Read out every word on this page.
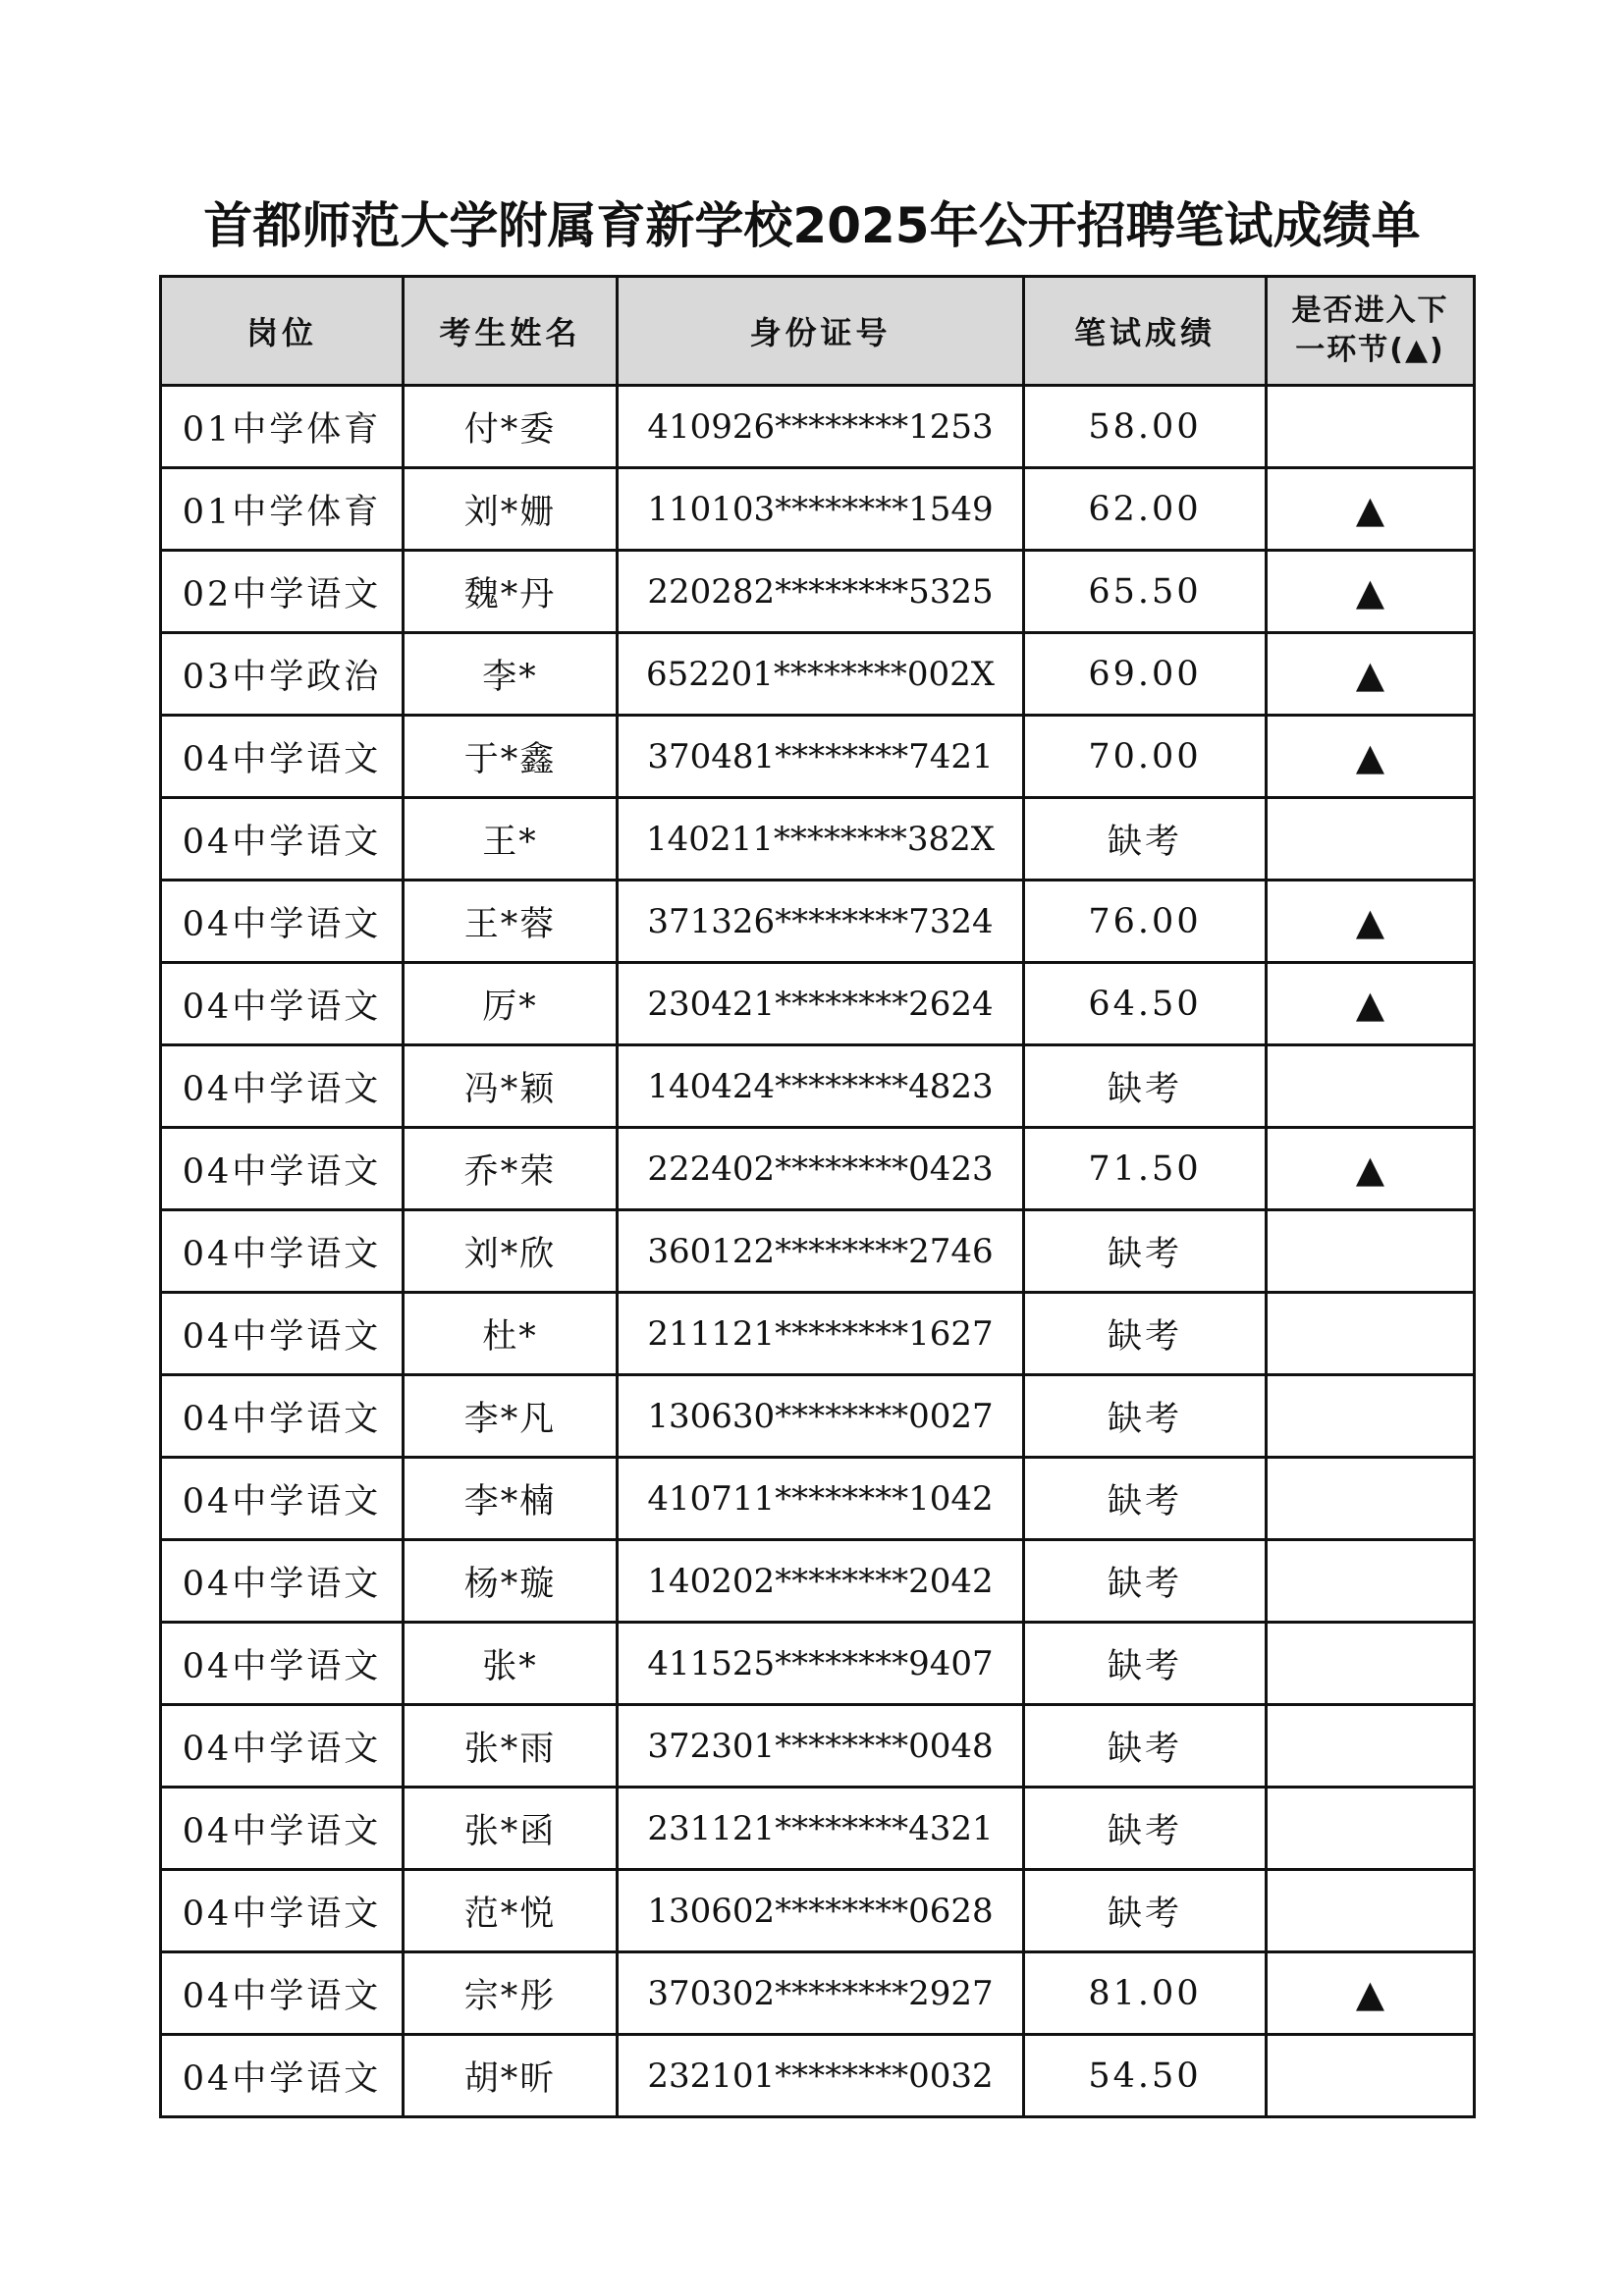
首都师范大学附属育新学校2025年公开招聘笔试成绩单
岗位	考生姓名	身份证号	笔试成绩	是否进入下
一环节(▲)
01中学体育	付*委	410926********1253	58.00	
01中学体育	刘*姗	110103********1549	62.00	▲
02中学语文	魏*丹	220282********5325	65.50	▲
03中学政治	李*	652201********002X	69.00	▲
04中学语文	于*鑫	370481********7421	70.00	▲
04中学语文	王*	140211********382X	缺考	
04中学语文	王*蓉	371326********7324	76.00	▲
04中学语文	厉*	230421********2624	64.50	▲
04中学语文	冯*颖	140424********4823	缺考	
04中学语文	乔*荣	222402********0423	71.50	▲
04中学语文	刘*欣	360122********2746	缺考	
04中学语文	杜*	211121********1627	缺考	
04中学语文	李*凡	130630********0027	缺考	
04中学语文	李*楠	410711********1042	缺考	
04中学语文	杨*璇	140202********2042	缺考	
04中学语文	张*	411525********9407	缺考	
04中学语文	张*雨	372301********0048	缺考	
04中学语文	张*函	231121********4321	缺考	
04中学语文	范*悦	130602********0628	缺考	
04中学语文	宗*彤	370302********2927	81.00	▲
04中学语文	胡*昕	232101********0032	54.50	
